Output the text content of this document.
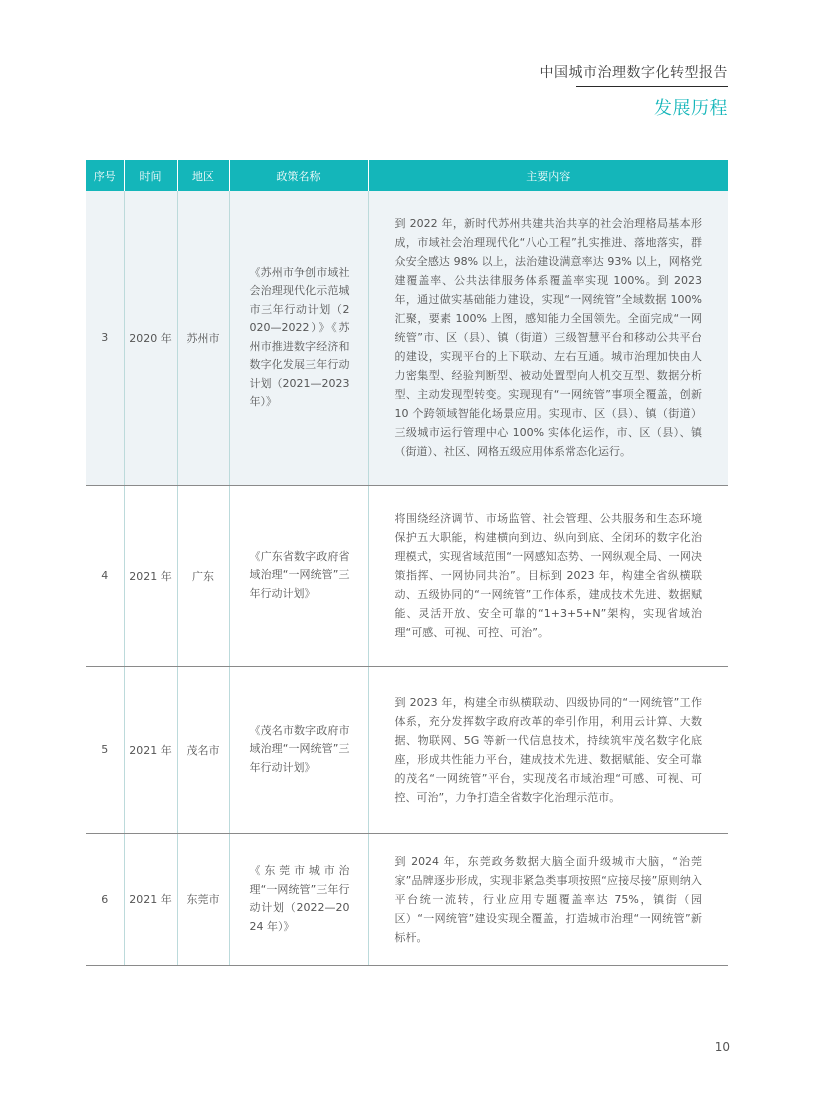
中国城市治理数字化转型报告
发展历程
序号	时间	地区	政策名称	主要内容
3	2020 年	苏州市	《苏州市争创市域社会治理现代化示范城市三年行动计划（2020—2022）》《苏州市推进数字经济和数字化发展三年行动计划（2021—2023 年）》	到 2022 年，新时代苏州共建共治共享的社会治理格局基本形成，市域社会治理现代化“八心工程”扎实推进、落地落实，群众安全感达 98% 以上，法治建设满意率达 93% 以上，网格党建覆盖率、公共法律服务体系覆盖率实现 100%。到 2023 年，通过做实基础能力建设，实现“一网统管”全域数据 100% 汇聚，要素 100% 上图，感知能力全国领先。全面完成“一网统管”市、区（县）、镇（街道）三级智慧平台和移动公共平台的建设，实现平台的上下联动、左右互通。城市治理加快由人力密集型、经验判断型、被动处置型向人机交互型、数据分析型、主动发现型转变。实现现有“一网统管”事项全覆盖，创新 10 个跨领域智能化场景应用。实现市、区（县）、镇（街道）三级城市运行管理中心 100% 实体化运作，市、区（县）、镇（街道）、社区、网格五级应用体系常态化运行。
4	2021 年	广东	《广东省数字政府省域治理“一网统管”三年行动计划》	将围绕经济调节、市场监管、社会管理、公共服务和生态环境保护五大职能，构建横向到边、纵向到底、全闭环的数字化治理模式，实现省域范围“一网感知态势、一网纵观全局、一网决策指挥、一网协同共治”。目标到 2023 年，构建全省纵横联动、五级协同的“一网统管”工作体系，建成技术先进、数据赋能、灵活开放、安全可靠的“1+3+5+N”架构，实现省域治理“可感、可视、可控、可治”。
5	2021 年	茂名市	《茂名市数字政府市域治理“一网统管”三年行动计划》	到 2023 年，构建全市纵横联动、四级协同的“一网统管”工作体系，充分发挥数字政府改革的牵引作用，利用云计算、大数据、物联网、5G 等新一代信息技术，持续筑牢茂名数字化底座，形成共性能力平台，建成技术先进、数据赋能、安全可靠的茂名“一网统管”平台，实现茂名市域治理“可感、可视、可控、可治”，力争打造全省数字化治理示范市。
6	2021 年	东莞市	《东莞市城市治理“一网统管”三年行动计划（2022—2024 年）》	到 2024 年，东莞政务数据大脑全面升级城市大脑，“治莞家”品牌逐步形成，实现非紧急类事项按照“应接尽接”原则纳入平台统一流转，行业应用专题覆盖率达 75%，镇街（园区）“一网统管”建设实现全覆盖，打造城市治理“一网统管”新标杆。
10
